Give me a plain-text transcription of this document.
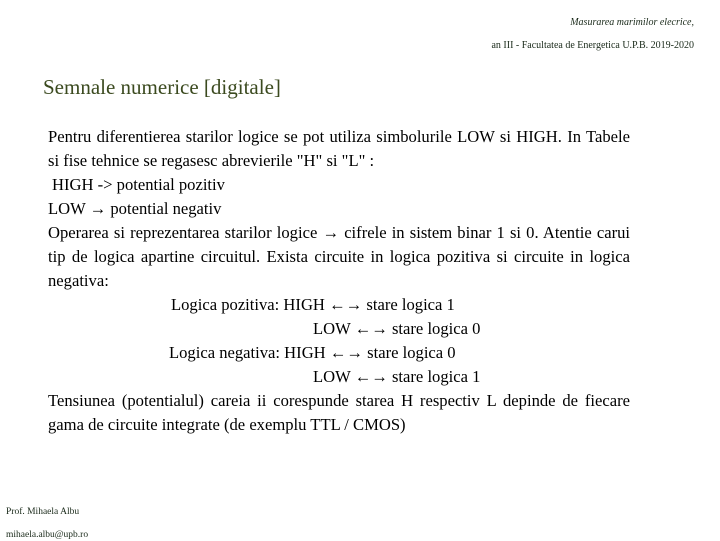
Masurarea marimilor elecrice,
an III - Facultatea de Energetica U.P.B. 2019-2020
Semnale numerice [digitale]
Pentru diferentierea starilor logice se pot utiliza simbolurile LOW si HIGH. In Tabele si fise tehnice se regasesc abrevierile "H" si "L" :
HIGH -> potential pozitiv
LOW → potential negativ
Operarea si reprezentarea starilor logice → cifrele in sistem binar 1 si 0. Atentie carui tip de logica apartine circuitul. Exista circuite in logica pozitiva si circuite in logica negativa:
Logica pozitiva: HIGH ←→ stare logica 1
LOW ←→ stare logica 0
Logica negativa: HIGH ←→ stare logica 0
LOW ←→ stare logica 1
Tensiunea (potentialul) careia ii corespunde starea H respectiv L depinde de fiecare gama de circuite integrate (de exemplu TTL / CMOS)
Prof. Mihaela Albu
mihaela.albu@upb.ro
